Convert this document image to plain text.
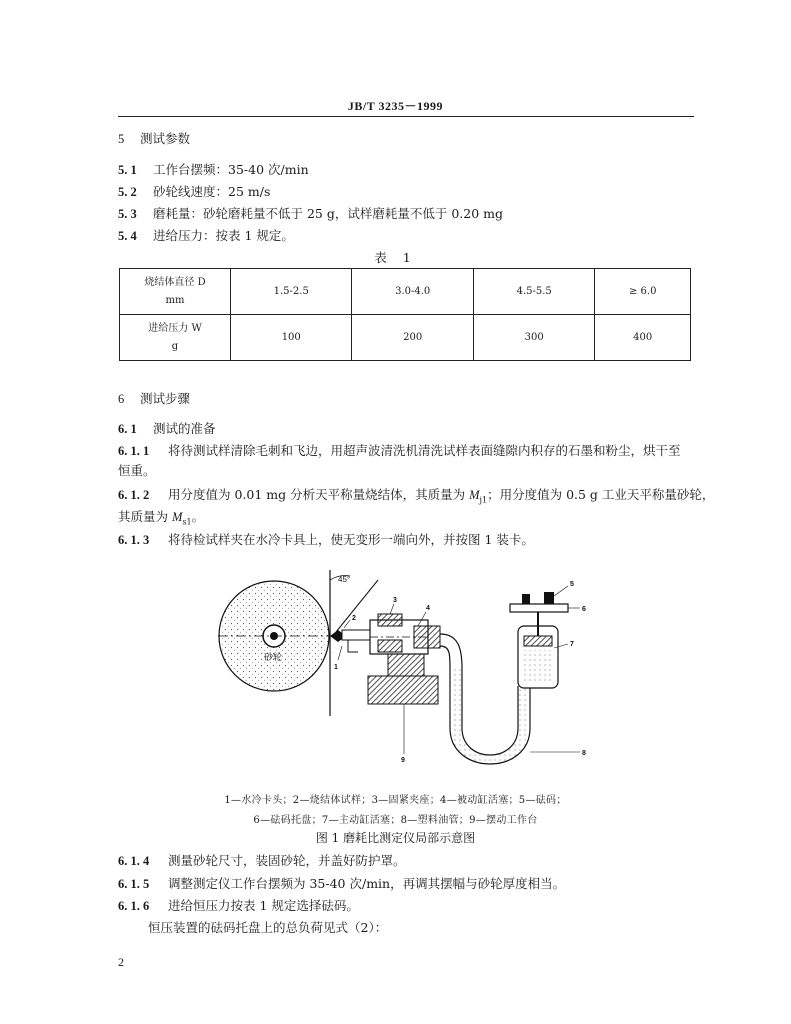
JB/T 3235－1999
5 测试参数
5. 1 工作台摆频：35-40 次/min
5. 2 砂轮线速度：25 m/s
5. 3 磨耗量：砂轮磨耗量不低于 25 g，试样磨耗量不低于 0.20 mg
5. 4 进给压力：按表 1 规定。
表 1
烧结体直径 D
mm	1.5-2.5	3.0-4.0	4.5-5.5	≥ 6.0

进给压力 W
g	100	200	300	400
6 测试步骤
6. 1 测试的准备
6. 1. 1 将待测试样清除毛刺和飞边，用超声波清洗机清洗试样表面缝隙内积存的石墨和粉尘，烘干至
恒重。
6. 1. 2 用分度值为 0.01 mg 分析天平称量烧结体，其质量为 $M_{j1}$；用分度值为 0.5 g 工业天平称量砂轮，
其质量为 $M_{s1}$。
6. 1. 3 将待检试样夹在水冷卡具上，使无变形一端向外，并按图 1 装卡。
砂轮
45°
1
2
3
4
5
6
7
8
9
1—水冷卡头；2—烧结体试样；3—固紧夹座；4—被动缸活塞；5—砝码；
6—砝码托盘；7—主动缸活塞；8—塑料油管；9—摆动工作台
图 1 磨耗比测定仪局部示意图
6. 1. 4 测量砂轮尺寸，装固砂轮，并盖好防护罩。
6. 1. 5 调整测定仪工作台摆频为 35-40 次/min，再调其摆幅与砂轮厚度相当。
6. 1. 6 进给恒压力按表 1 规定选择砝码。
恒压装置的砝码托盘上的总负荷见式（2）：
2
